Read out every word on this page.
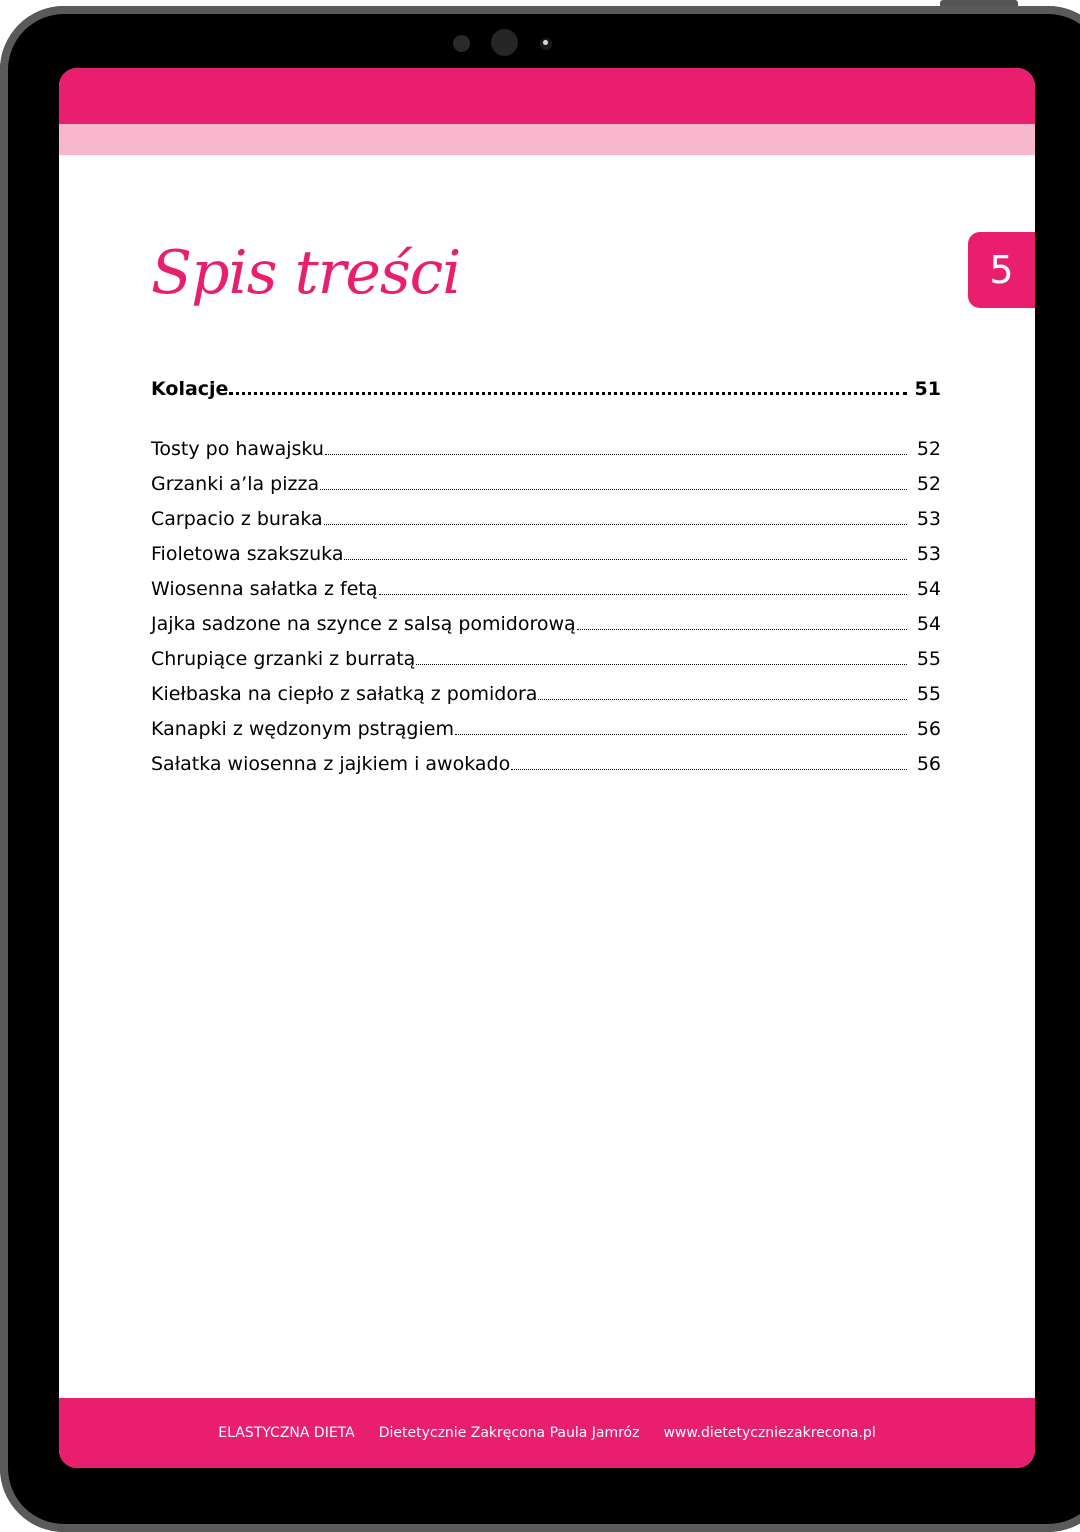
5
Spis treści
Kolacje	51
Tosty po hawajsku	52
Grzanki a’la pizza	52
Carpacio z buraka	53
Fioletowa szakszuka	53
Wiosenna sałatka z fetą	54
Jajka sadzone na szynce z salsą pomidorową	54
Chrupiące grzanki z burratą	55
Kiełbaska na ciepło z sałatką z pomidora	55
Kanapki z wędzonym pstrągiem	56
Sałatka wiosenna z jajkiem i awokado	56
ELASTYCZNA DIETA Dietetycznie Zakręcona Paula Jamróz www.dietetyczniezakrecona.pl
